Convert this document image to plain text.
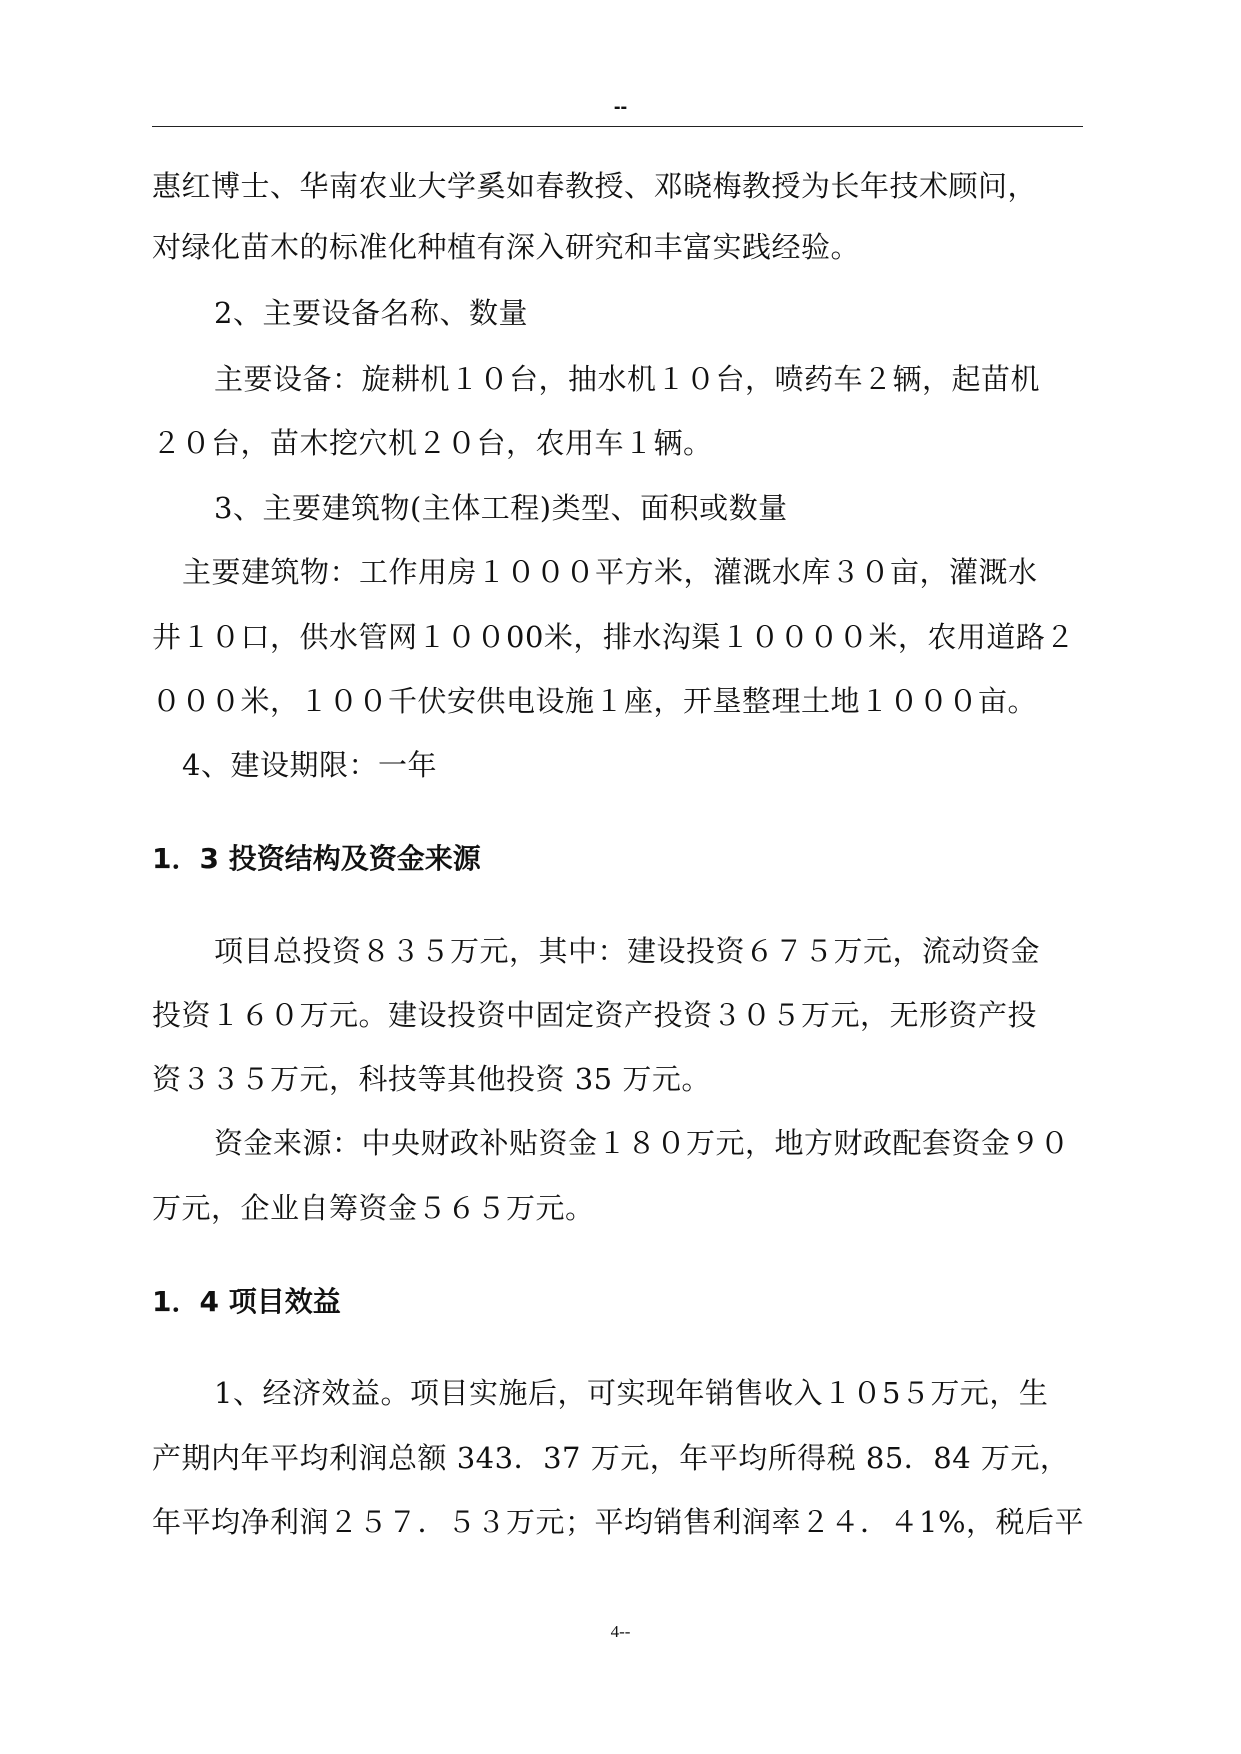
--
惠红博士、华南农业大学奚如春教授、邓晓梅教授为长年技术顾问，
对绿化苗木的标准化种植有深入研究和丰富实践经验。
2、主要设备名称、数量
主要设备：旋耕机１０台，抽水机１０台，喷药车２辆，起苗机
２０台，苗木挖穴机２０台，农用车１辆。
3、主要建筑物(主体工程)类型、面积或数量
主要建筑物：工作用房１０００平方米，灌溉水库３０亩，灌溉水
井１０口，供水管网１００00米，排水沟渠１００００米，农用道路２
０００米，１００千伏安供电设施１座，开垦整理土地１０００亩。
4、建设期限：一年
1．3 投资结构及资金来源
项目总投资８３５万元，其中：建设投资６７５万元，流动资金
投资１６０万元。建设投资中固定资产投资３０５万元，无形资产投
资３３５万元，科技等其他投资 35 万元。
资金来源：中央财政补贴资金１８０万元，地方财政配套资金９０
万元，企业自筹资金５６５万元。
1．4 项目效益
1、经济效益。项目实施后，可实现年销售收入１０5５万元，生
产期内年平均利润总额 343．37 万元，年平均所得税 85．84 万元，
年平均净利润２５７．５３万元；平均销售利润率２４．４1%，税后平
4--
